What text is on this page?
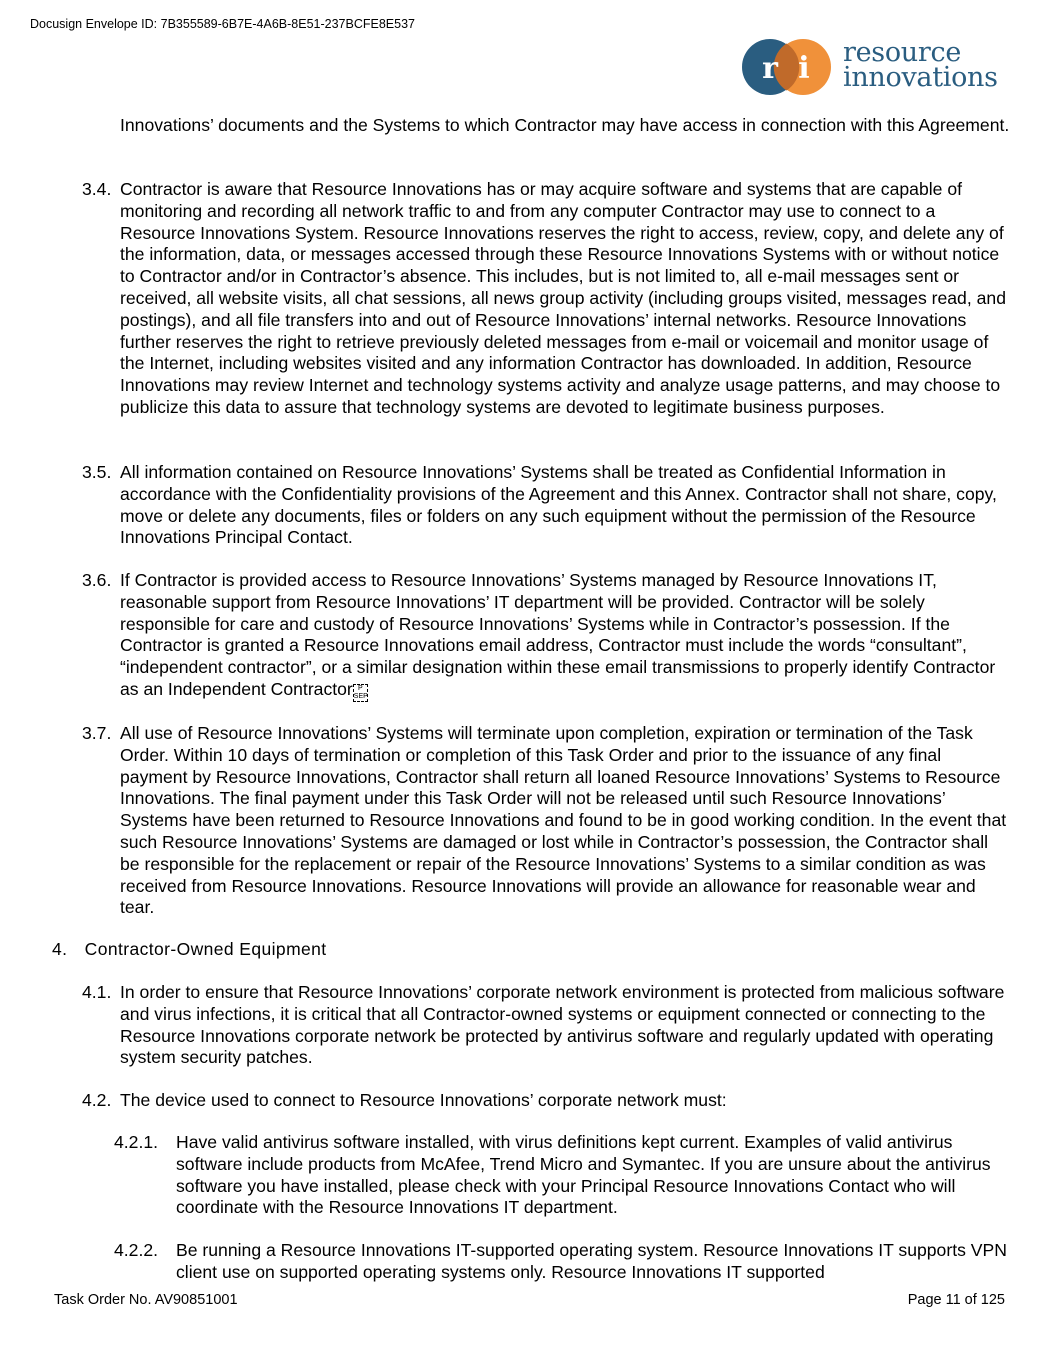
Docusign Envelope ID: 7B355589-6B7E-4A6B-8E51-237BCFE8E537
r i resource
innovations
Innovations’ documents and the Systems to which Contractor may have access in connection with this Agreement.
3.4. Contractor is aware that Resource Innovations has or may acquire software and systems that are capable of monitoring and recording all network traffic to and from any computer Contractor may use to connect to a Resource Innovations System. Resource Innovations reserves the right to access, review, copy, and delete any of the information, data, or messages accessed through these Resource Innovations Systems with or without notice to Contractor and/or in Contractor’s absence. This includes, but is not limited to, all e-mail messages sent or received, all website visits, all chat sessions, all news group activity (including groups visited, messages read, and postings), and all file transfers into and out of Resource Innovations’ internal networks. Resource Innovations further reserves the right to retrieve previously deleted messages from e-mail or voicemail and monitor usage of the Internet, including websites visited and any information Contractor has downloaded. In addition, Resource Innovations may review Internet and technology systems activity and analyze usage patterns, and may choose to publicize this data to assure that technology systems are devoted to legitimate business purposes.
3.5. All information contained on Resource Innovations’ Systems shall be treated as Confidential Information in accordance with the Confidentiality provisions of the Agreement and this Annex. Contractor shall not share, copy, move or delete any documents, files or folders on any such equipment without the permission of the Resource Innovations Principal Contact.
3.6. If Contractor is provided access to Resource Innovations’ Systems managed by Resource Innovations IT, reasonable support from Resource Innovations’ IT department will be provided. Contractor will be solely responsible for care and custody of Resource Innovations’ Systems while in Contractor’s possession. If the Contractor is granted a Resource Innovations email address, Contractor must include the words “consultant”, “independent contractor”, or a similar designation within these email transmissions to properly identify Contractor as an Independent Contractor P
SEP
3.7. All use of Resource Innovations’ Systems will terminate upon completion, expiration or termination of the Task Order. Within 10 days of termination or completion of this Task Order and prior to the issuance of any final payment by Resource Innovations, Contractor shall return all loaned Resource Innovations’ Systems to Resource Innovations. The final payment under this Task Order will not be released until such Resource Innovations’ Systems have been returned to Resource Innovations and found to be in good working condition. In the event that such Resource Innovations’ Systems are damaged or lost while in Contractor’s possession, the Contractor shall be responsible for the replacement or repair of the Resource Innovations’ Systems to a similar condition as was received from Resource Innovations. Resource Innovations will provide an allowance for reasonable wear and tear.
4. Contractor-Owned Equipment
4.1. In order to ensure that Resource Innovations’ corporate network environment is protected from malicious software and virus infections, it is critical that all Contractor-owned systems or equipment connected or connecting to the Resource Innovations corporate network be protected by antivirus software and regularly updated with operating system security patches.
4.2. The device used to connect to Resource Innovations’ corporate network must:
4.2.1. Have valid antivirus software installed, with virus definitions kept current. Examples of valid antivirus software include products from McAfee, Trend Micro and Symantec. If you are unsure about the antivirus software you have installed, please check with your Principal Resource Innovations Contact who will coordinate with the Resource Innovations IT department.
4.2.2. Be running a Resource Innovations IT-supported operating system. Resource Innovations IT supports VPN client use on supported operating systems only. Resource Innovations IT supported
Task Order No. AV90851001	Page 11 of 125
